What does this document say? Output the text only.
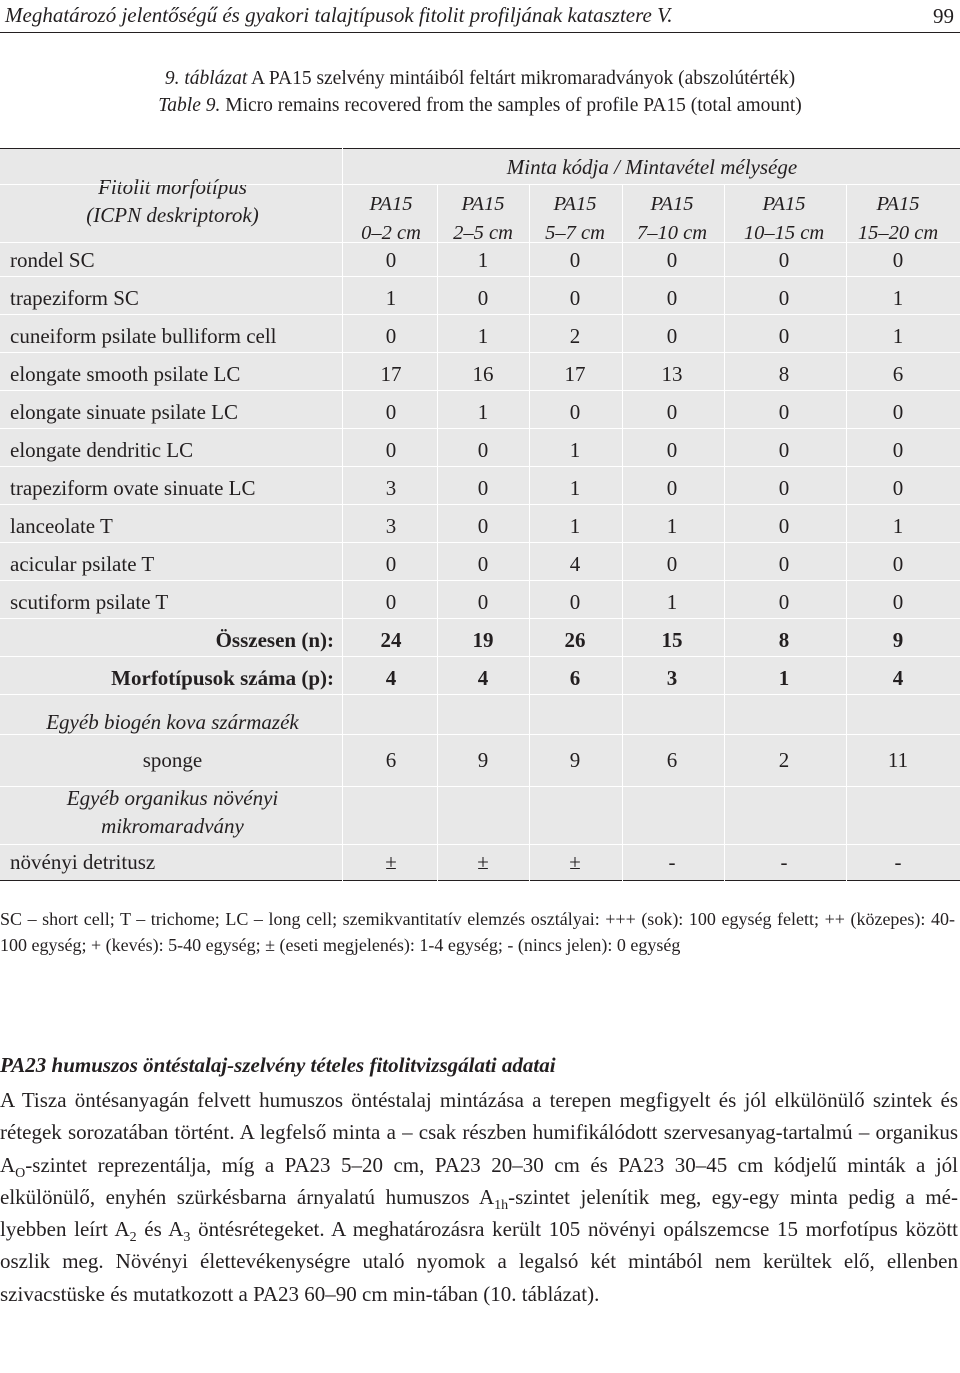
Meghatározó jelentőségű és gyakori talajtípusok fitolit profiljának katasztere V.	99
9. táblázat A PA15 szelvény mintáiból feltárt mikromaradványok (abszolútérték)
Table 9. Micro remains recovered from the samples of profile PA15 (total amount)
Fitolit morfotípus
(ICPN deskriptorok)
Minta kódja / Mintavétel mélysége
PA15
0–2 cm
PA15
2–5 cm
PA15
5–7 cm
PA15
7–10 cm
PA15
10–15 cm
PA15
15–20 cm
rondel SC	0	1	0	0	0	0
trapeziform SC	1	0	0	0	0	1
cuneiform psilate bulliform cell	0	1	2	0	0	1
elongate smooth psilate LC	17	16	17	13	8	6
elongate sinuate psilate LC	0	1	0	0	0	0
elongate dendritic LC	0	0	1	0	0	0
trapeziform ovate sinuate LC	3	0	1	0	0	0
lanceolate T	3	0	1	1	0	1
acicular psilate T	0	0	4	0	0	0
scutiform psilate T	0	0	0	1	0	0
Összesen (n):	24	19	26	15	8	9
Morfotípusok száma (p):	4	4	6	3	1	4
Egyéb biogén kova származék
sponge	6	9	9	6	2	11
Egyéb organikus növényi
mikromaradvány
növényi detritusz	±	±	±	-	-	-
SC – short cell; T – trichome; LC – long cell; szemikvantitatív elemzés osztályai: +++ (sok): 100 egység felett; ++ (közepes): 40-100 egység; + (kevés): 5-40 egység; ± (eseti megjelenés): 1-4 egység; - (nincs jelen): 0 egység
PA23 humuszos öntéstalaj-szelvény tételes fitolitvizsgálati adatai
A Tisza öntésanyagán felvett humuszos öntéstalaj mintázása a terepen megfigyelt és jól elkülönülő szintek és rétegek sorozatában történt. A legfelső minta a – csak részben humifikálódott szervesanyag-tartalmú – organikus $A_O$-szintet reprezentálja, míg a PA23 5–20 cm, PA23 20–30 cm és PA23 30–45 cm kódjelű minták a jól elkülönülő, enyhén szürkésbarna árnyalatú humuszos $A_{1h}$-szintet jelenítik meg, egy-egy minta pedig a mé-lyebben leírt $A_2$ és $A_3$ öntésrétegeket. A meghatározásra került 105 növényi opálszemcse 15 morfotípus között oszlik meg. Növényi élettevékenységre utaló nyomok a legalsó két mintából nem kerültek elő, ellenben szivacstüske és mutatkozott a PA23 60–90 cm min-tában (10. táblázat).
